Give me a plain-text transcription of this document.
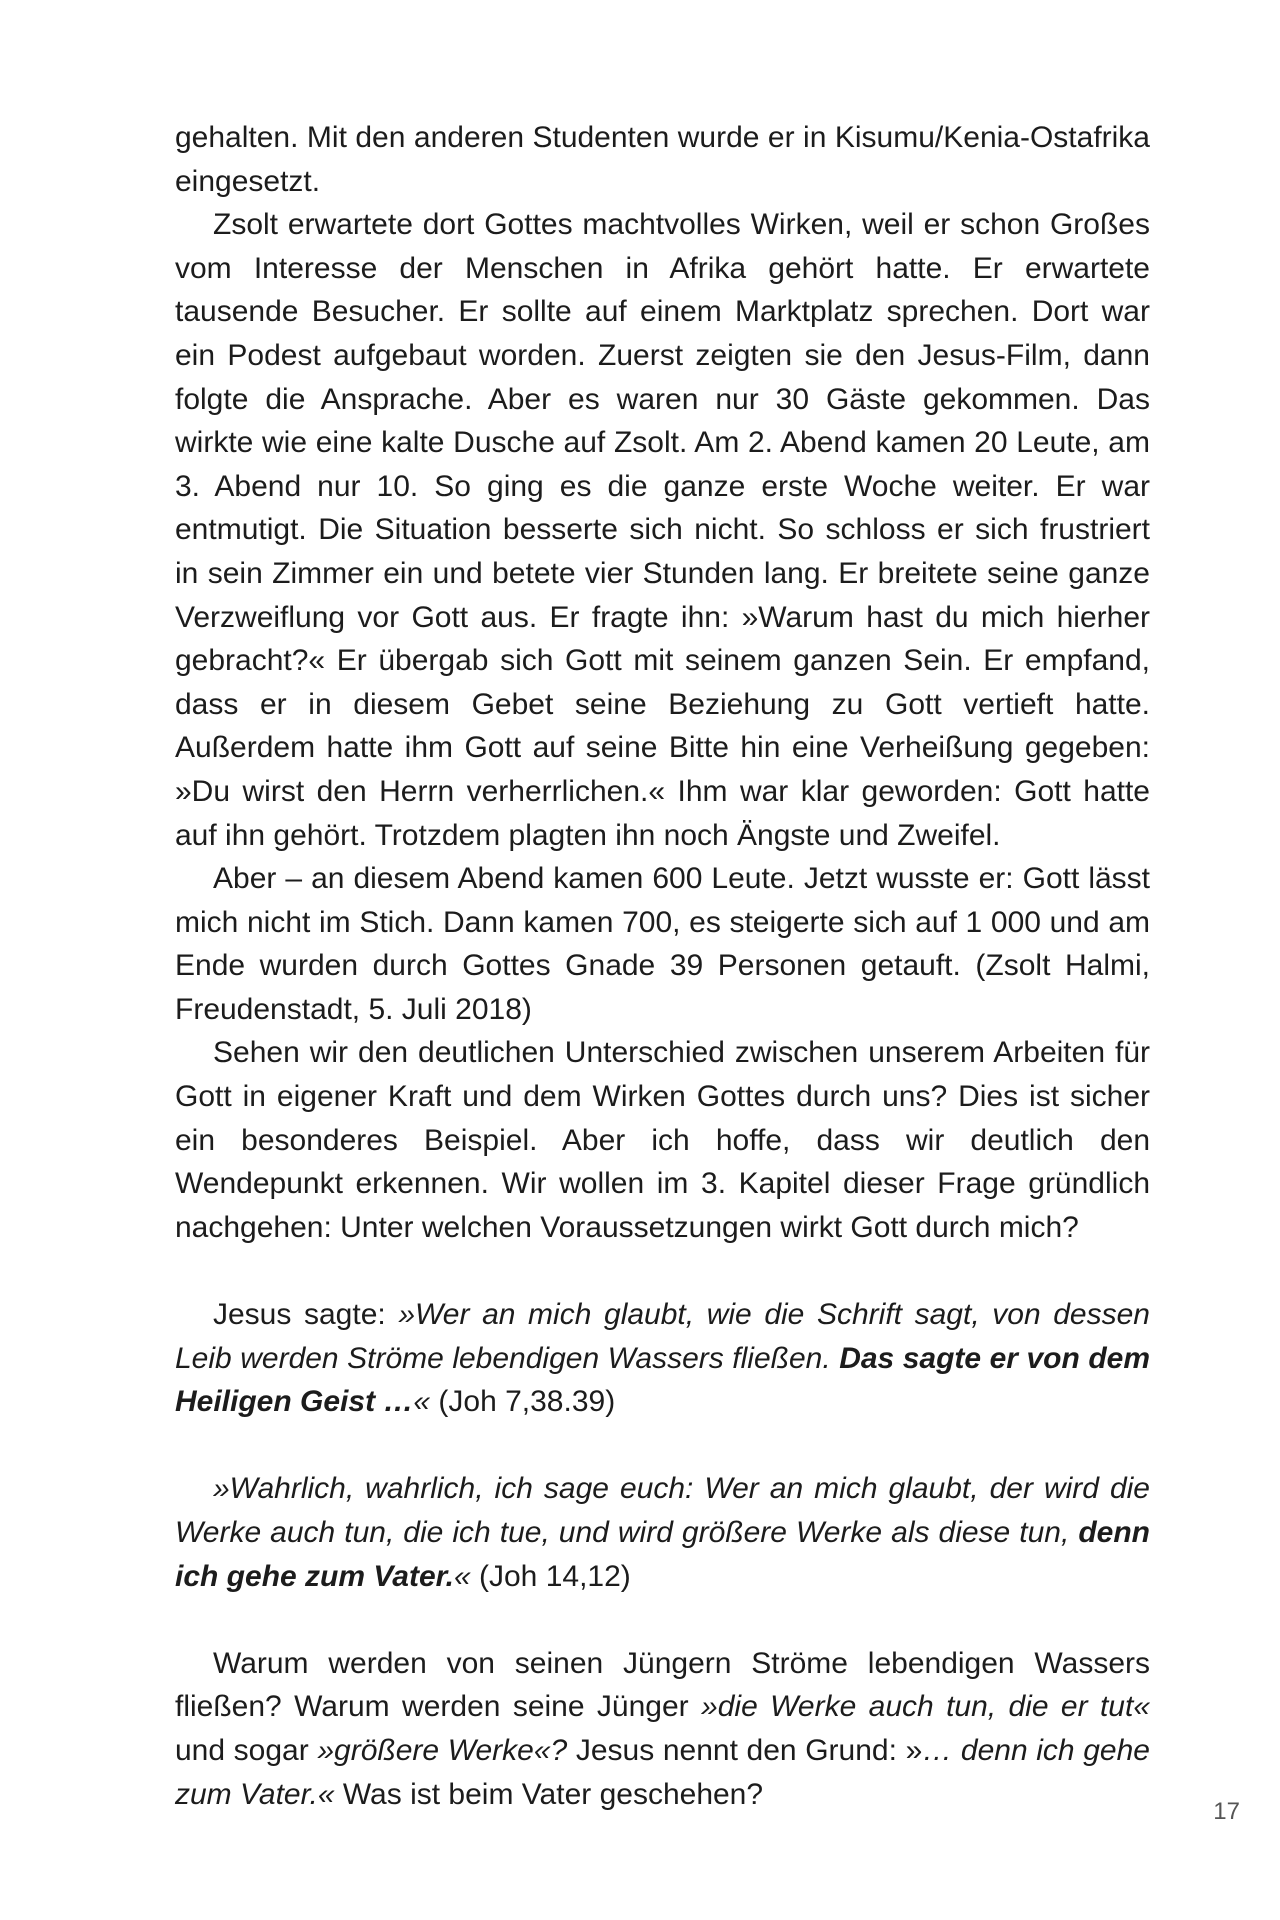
gehalten. Mit den anderen Studenten wurde er in Kisumu/Kenia-Ostafrika eingesetzt.

Zsolt erwartete dort Gottes machtvolles Wirken, weil er schon Großes vom Interesse der Menschen in Afrika gehört hatte. Er erwartete tausende Besucher. Er sollte auf einem Marktplatz sprechen. Dort war ein Podest aufgebaut worden. Zuerst zeigten sie den Jesus-Film, dann folgte die Ansprache. Aber es waren nur 30 Gäste gekommen. Das wirkte wie eine kalte Dusche auf Zsolt. Am 2. Abend kamen 20 Leute, am 3. Abend nur 10. So ging es die ganze erste Woche weiter. Er war entmutigt. Die Situation besserte sich nicht. So schloss er sich frustriert in sein Zimmer ein und betete vier Stunden lang. Er breitete seine ganze Verzweiflung vor Gott aus. Er fragte ihn: »Warum hast du mich hierher gebracht?« Er übergab sich Gott mit seinem ganzen Sein. Er empfand, dass er in diesem Gebet seine Beziehung zu Gott vertieft hatte. Außerdem hatte ihm Gott auf seine Bitte hin eine Verheißung gegeben: »Du wirst den Herrn verherrlichen.« Ihm war klar geworden: Gott hatte auf ihn gehört. Trotzdem plagten ihn noch Ängste und Zweifel.

Aber – an diesem Abend kamen 600 Leute. Jetzt wusste er: Gott lässt mich nicht im Stich. Dann kamen 700, es steigerte sich auf 1 000 und am Ende wurden durch Gottes Gnade 39 Personen getauft. (Zsolt Halmi, Freudenstadt, 5. Juli 2018)

Sehen wir den deutlichen Unterschied zwischen unserem Arbeiten für Gott in eigener Kraft und dem Wirken Gottes durch uns? Dies ist sicher ein besonderes Beispiel. Aber ich hoffe, dass wir deutlich den Wendepunkt erkennen. Wir wollen im 3. Kapitel dieser Frage gründlich nachgehen: Unter welchen Voraussetzungen wirkt Gott durch mich?

Jesus sagte: »Wer an mich glaubt, wie die Schrift sagt, von dessen Leib werden Ströme lebendigen Wassers fließen. Das sagte er von dem Heiligen Geist …« (Joh 7,38.39)

»Wahrlich, wahrlich, ich sage euch: Wer an mich glaubt, der wird die Werke auch tun, die ich tue, und wird größere Werke als diese tun, denn ich gehe zum Vater.« (Joh 14,12)

Warum werden von seinen Jüngern Ströme lebendigen Wassers fließen? Warum werden seine Jünger »die Werke auch tun, die er tut« und sogar »größere Werke«? Jesus nennt den Grund: »… denn ich gehe zum Vater.« Was ist beim Vater geschehen?

17
